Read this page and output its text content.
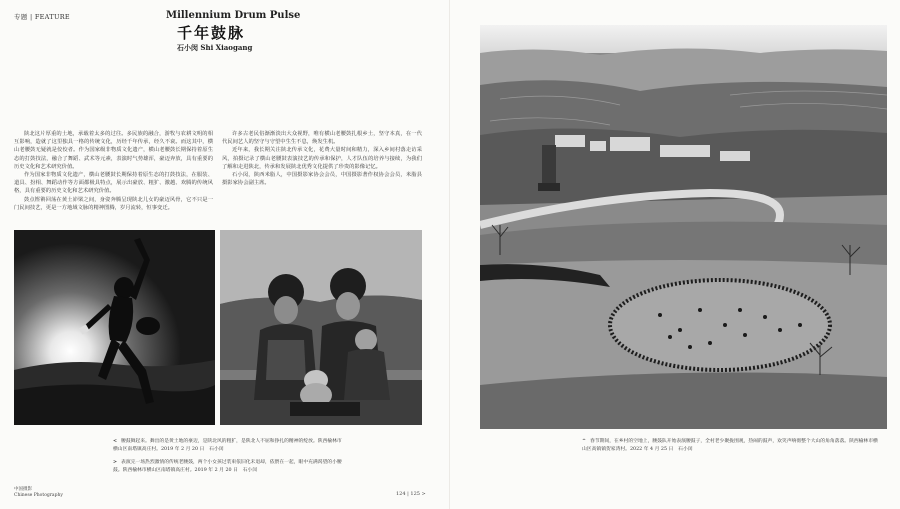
专题 | FEATURE	Millennium Drum Pulse
千年鼓脉
石小闵 Shi Xiaogang

陕北这片厚重的土地，承载着太多的过往。多民族的融合，游牧与农耕文明的相互影响，造就了这里独具一格的传统文化，历经千年传承，经久不衰。而这其中，横山老腰鼓无疑就是佼佼者。作为国家级非物质文化遗产，横山老腰鼓长期保持着原生态的打鼓技法，融合了舞蹈、武术等元素，表演时气势雄浑，豪迈奔放，具有重要的历史文化和艺术研究价值。

作为国家非物质文化遗产，横山老腰鼓长期保持着原生态的打鼓技法，在服装、道具、扮相、舞蹈动作等方面都极具特点，展示出豪放、粗犷、激越、欢腾的传统风格，具有重要的历史文化和艺术研究价值。

鼓点铿锵回荡在黄土峁梁之间，身姿奔腾呈现陕北儿女的豪迈风骨，它不只是一门民间技艺，更是一方地域文脉的精神图腾，岁月流转，恒事变迁。

许多古老民俗渐渐淡出大众视野，唯有横山老腰鼓扎根乡土，坚守本真，在一代代民间艺人的坚守与守望中生生不息，焕发生机。

近年来，我长期关注陕北传承文化，花费大量时间和精力，深入乡间村落走访采风，拍摄记录了横山老腰鼓表演技艺的传承和保护，人才队伍的培养与接续，为我们了解和走进陕北，传承和发展陕北优秀文化提供了珍贵的影像记忆。

石小闵，陕西米脂人，中国摄影家协会会员，中国摄影著作权协会会员，米脂县摄影家协会副主席。

< 腰鼓舞起来。舞出的是黄土地的豪迈，是陕北风的粗犷，是陕北人不屈和挣扎的精神的绽放。陕西榆林市横山区南塔镇高庄村。2019 年 2 月 20 日　石小闵
> 表演完一场热烈激情的传统老腰鼓，两个小女孩过装束依旧化未退却，依偎在一起，眼中充满渴望的小腰鼓。陕西榆林市横山区南塔镇高庄村。2019 年 2 月 20 日　石小闵
中国摄影
Chinese Photography	124 | 125 >
^ 春节期间，在乡村的空地上，腰鼓队开始表演腰鼓子，全村老少聚拢围观，热闹的鼓声，欢笑声响彻整个大山的角角落落。陕西榆林市横山区高镇镇贺家湾村。2022 年 4 月 25 日　石小闵
